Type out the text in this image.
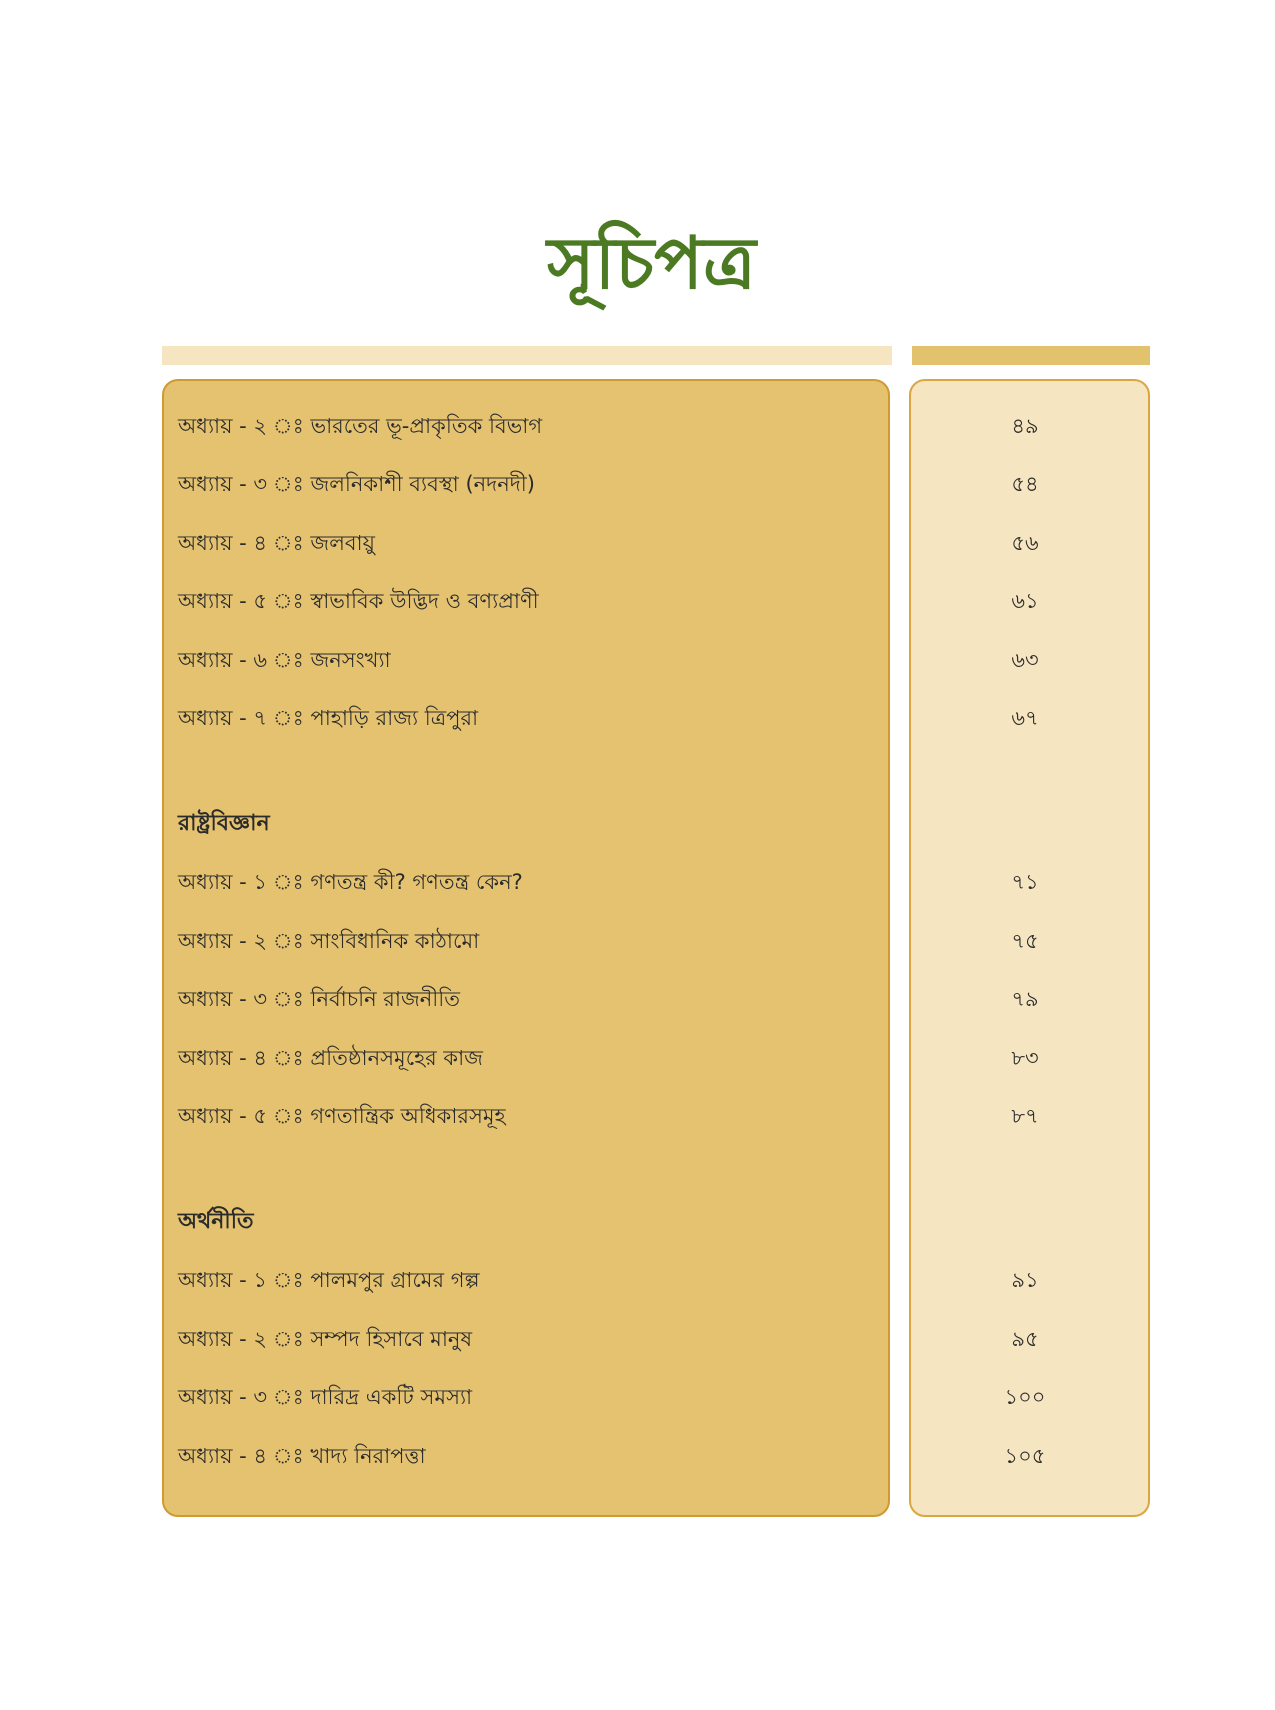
সূচিপত্র
অধ্যায় - ২ ঃ ভারতের ভূ-প্রাকৃতিক বিভাগ	৪৯
অধ্যায় - ৩ ঃ জলনিকাশী ব্যবস্থা (নদনদী)	৫৪
অধ্যায় - ৪ ঃ জলবায়ু	৫৬
অধ্যায় - ৫ ঃ স্বাভাবিক উদ্ভিদ ও বণ্যপ্রাণী	৬১
অধ্যায় - ৬ ঃ জনসংখ্যা	৬৩
অধ্যায় - ৭ ঃ পাহাড়ি রাজ্য ত্রিপুরা	৬৭
রাষ্ট্রবিজ্ঞান
অধ্যায় - ১ ঃ গণতন্ত্র কী? গণতন্ত্র কেন?	৭১
অধ্যায় - ২ ঃ সাংবিধানিক কাঠামো	৭৫
অধ্যায় - ৩ ঃ নির্বাচনি রাজনীতি	৭৯
অধ্যায় - ৪ ঃ প্রতিষ্ঠানসমূহের কাজ	৮৩
অধ্যায় - ৫ ঃ গণতান্ত্রিক অধিকারসমূহ	৮৭
অর্থনীতি
অধ্যায় - ১ ঃ পালমপুর গ্রামের গল্প	৯১
অধ্যায় - ২ ঃ সম্পদ হিসাবে মানুষ	৯৫
অধ্যায় - ৩ ঃ দারিদ্র একটি সমস্যা	১০০
অধ্যায় - ৪ ঃ খাদ্য নিরাপত্তা	১০৫
